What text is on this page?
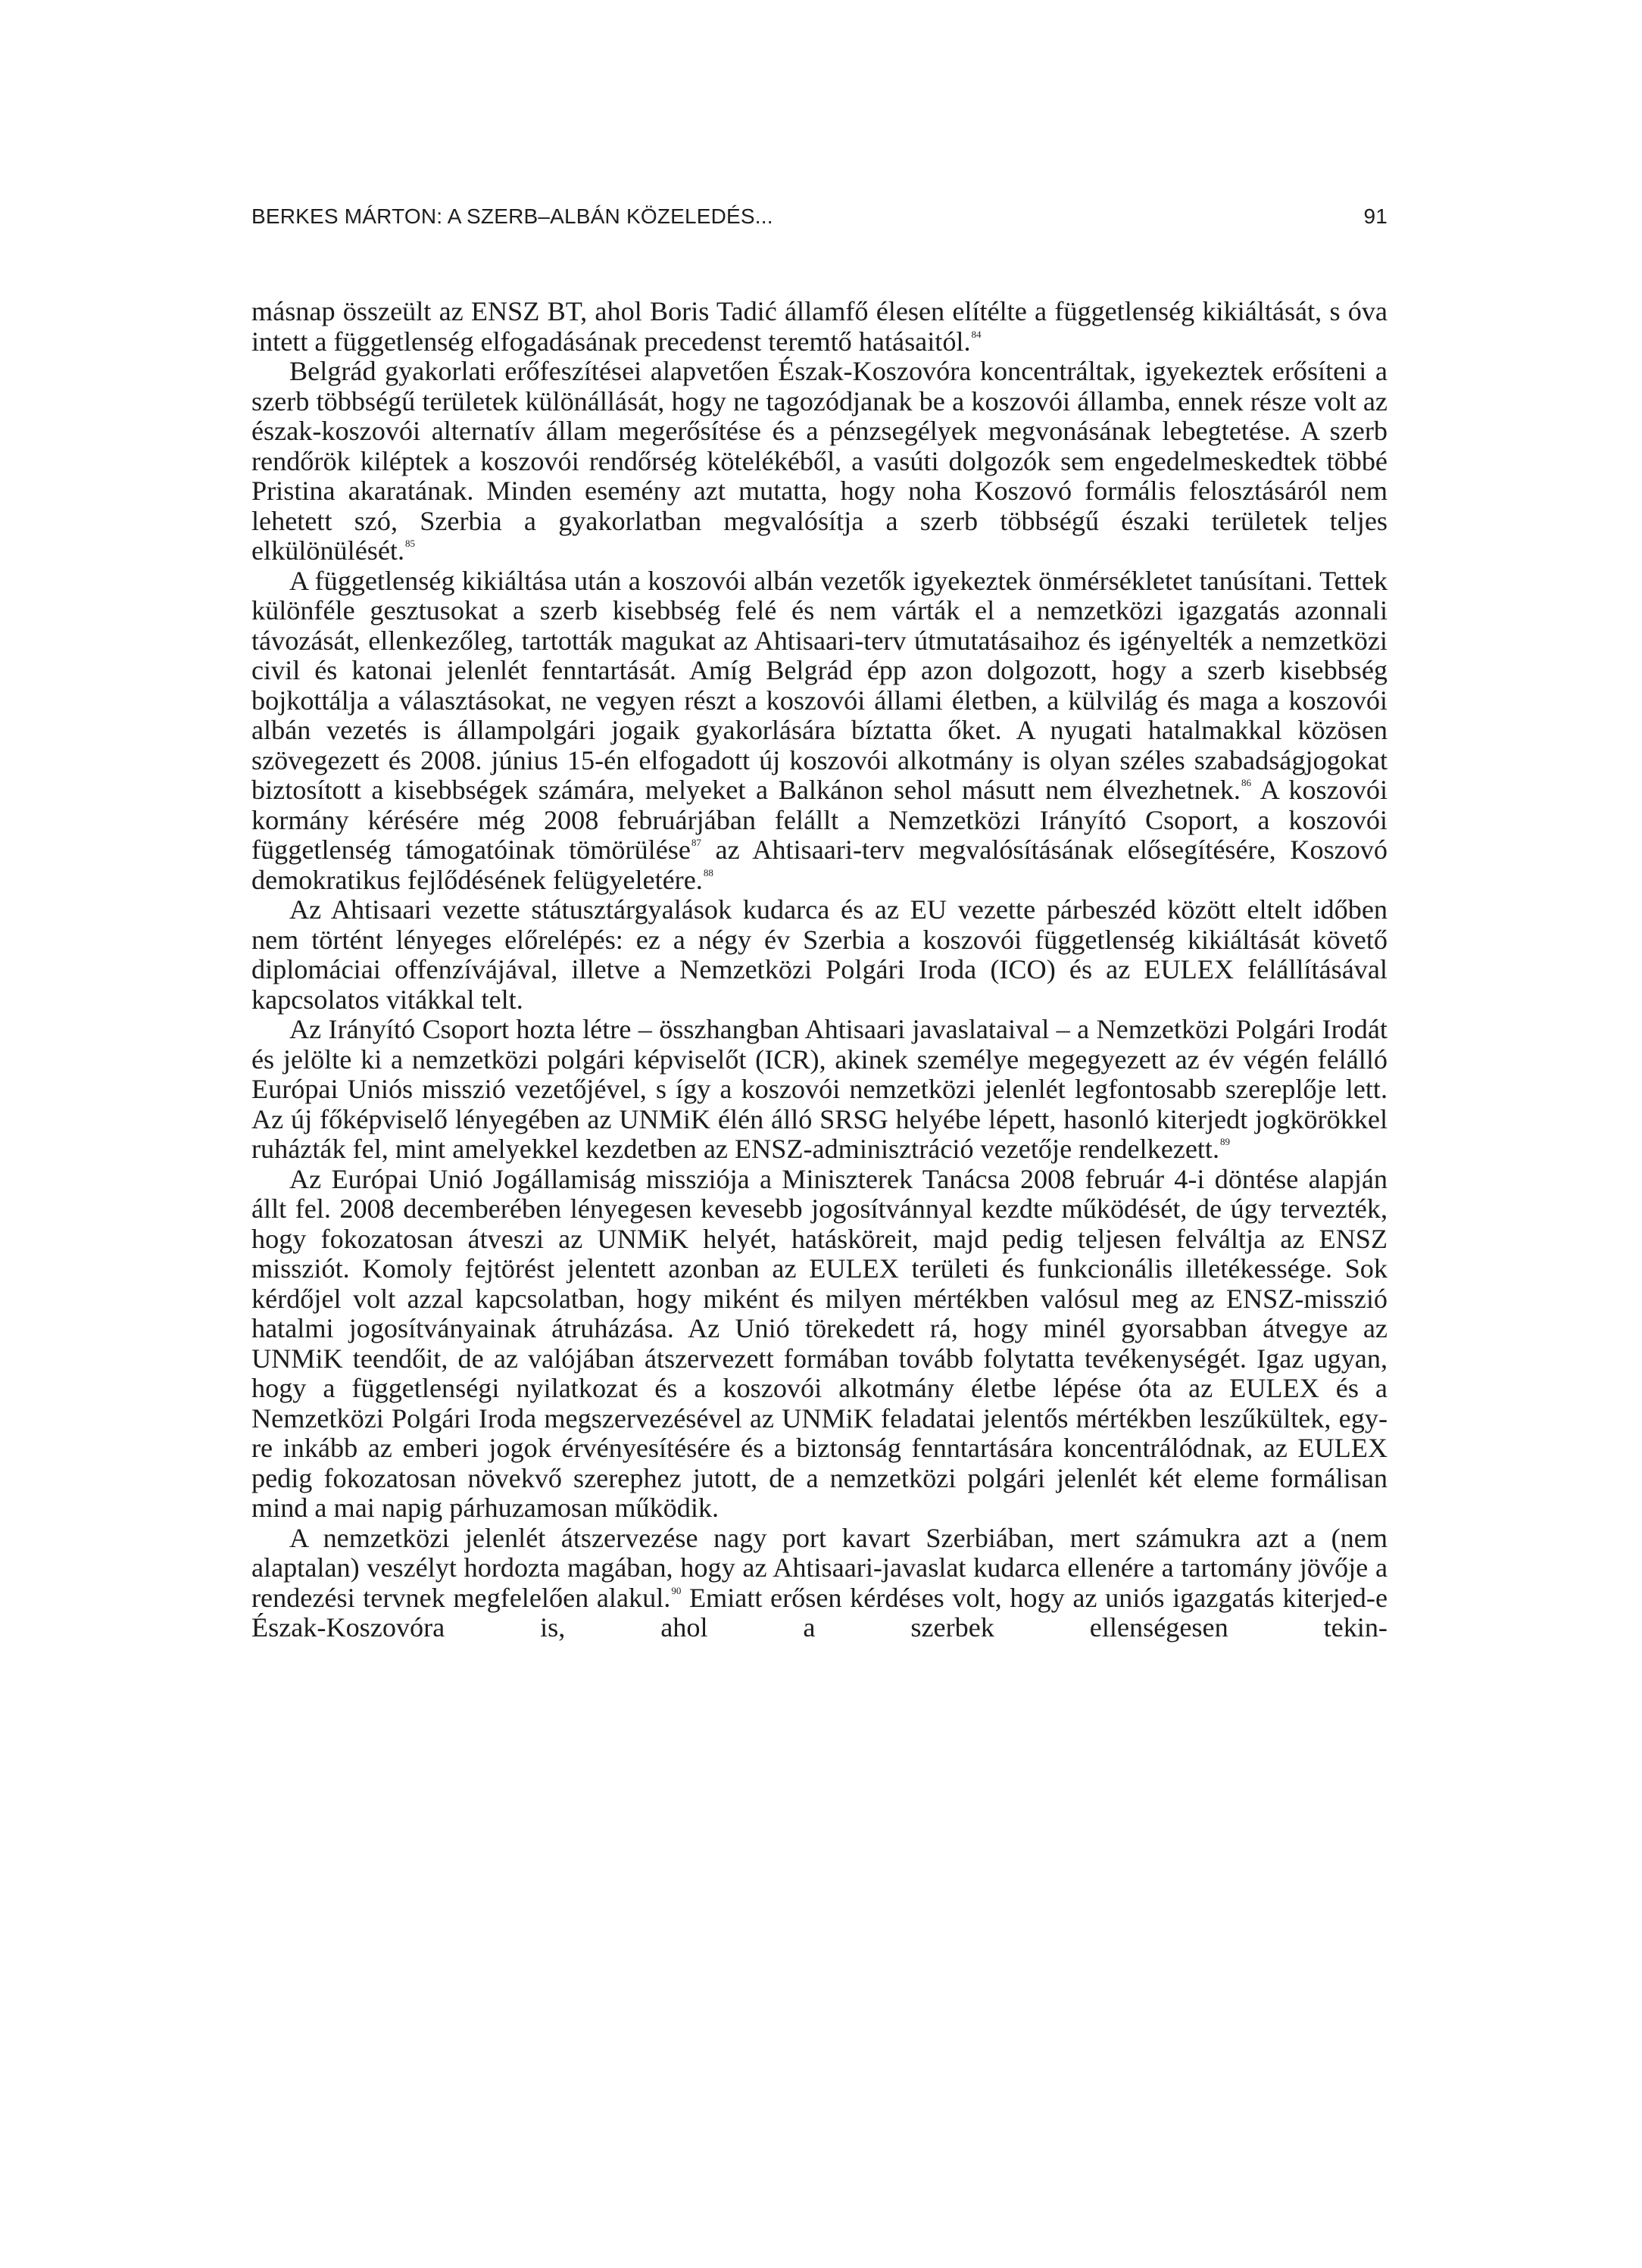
BERKES MÁRTON: A SZERB–ALBÁN KÖZELEDÉS...	91

másnap összeült az ENSZ BT, ahol Boris Tadić államfő élesen elítélte a függetlenség kikiáltását, s óva intett a függetlenség elfogadásának precedenst teremtő hatásaitól.$^{84}$

Belgrád gyakorlati erőfeszítései alapvetően Észak-Koszovóra koncentráltak, igyekeztek erősíteni a szerb többségű területek különállását, hogy ne tagozódjanak be a koszovói államba, ennek része volt az észak-koszovói alternatív állam megerősítése és a pénzsegélyek megvonásának lebegtetése. A szerb rendőrök kiléptek a koszovói rendőrség kötelékéből, a vasúti dolgozók sem engedelmeskedtek többé Pristina akaratának. Minden esemény azt mutatta, hogy noha Koszovó formális felosztásáról nem lehetett szó, Szerbia a gyakorlatban megvalósítja a szerb többségű északi területek teljes elkülönülését.$^{85}$

A függetlenség kikiáltása után a koszovói albán vezetők igyekeztek önmérsékletet tanúsítani. Tettek különféle gesztusokat a szerb kisebbség felé és nem várták el a nemzetközi igazgatás azonnali távozását, ellenkezőleg, tartották magukat az Ahtisaari-terv útmutatásaihoz és igényelték a nemzetközi civil és katonai jelenlét fenntartását. Amíg Belgrád épp azon dolgozott, hogy a szerb kisebbség bojkottálja a választásokat, ne vegyen részt a koszovói állami életben, a külvilág és maga a koszovói albán vezetés is állampolgári jogaik gyakorlására bíztatta őket. A nyugati hatalmakkal közösen szövegezett és 2008. június 15-én elfogadott új koszovói alkotmány is olyan széles szabadságjogokat biztosított a kisebbségek számára, melyeket a Balkánon sehol másutt nem élvezhetnek.$^{86}$ A koszovói kormány kérésére még 2008 februárjában felállt a Nemzetközi Irányító Csoport, a koszovói függetlenség támogatóinak tömörülése$^{87}$ az Ahtisaari-terv megvalósításának elősegítésére, Koszovó demokratikus fejlődésének felügyeletére.$^{88}$

Az Ahtisaari vezette státusztárgyalások kudarca és az EU vezette párbeszéd között eltelt időben nem történt lényeges előrelépés: ez a négy év Szerbia a koszovói függetlenség kikiáltását követő diplomáciai offenzívájával, illetve a Nemzetközi Polgári Iroda (ICO) és az EULEX felállításával kapcsolatos vitákkal telt.

Az Irányító Csoport hozta létre – összhangban Ahtisaari javaslataival – a Nemzetközi Polgári Irodát és jelölte ki a nemzetközi polgári képviselőt (ICR), akinek személye megegyezett az év végén felálló Európai Uniós misszió vezetőjével, s így a koszovói nemzetközi jelenlét legfontosabb szereplője lett. Az új főképviselő lényegében az UNMiK élén álló SRSG helyébe lépett, hasonló kiterjedt jogkörökkel ruházták fel, mint amelyekkel kezdetben az ENSZ-adminisztráció vezetője rendelkezett.$^{89}$

Az Európai Unió Jogállamiság missziója a Miniszterek Tanácsa 2008 február 4-i döntése alapján állt fel. 2008 decemberében lényegesen kevesebb jogosítvánnyal kezdte működését, de úgy tervezték, hogy fokozatosan átveszi az UNMiK helyét, hatásköreit, majd pedig teljesen felváltja az ENSZ missziót. Komoly fejtörést jelentett azonban az EULEX területi és funkcionális illetékessége. Sok kérdőjel volt azzal kapcsolatban, hogy miként és milyen mértékben valósul meg az ENSZ-misszió hatalmi jogosítványainak átruházása. Az Unió törekedett rá, hogy minél gyorsabban átvegye az UNMiK teendőit, de az valójában átszervezett formában tovább folytatta tevékenységét. Igaz ugyan, hogy a függetlenségi nyilatkozat és a koszovói alkotmány életbe lépése óta az EULEX és a Nemzetközi Polgári Iroda megszervezésével az UNMiK feladatai jelentős mértékben leszűkültek, egyre inkább az emberi jogok érvényesítésére és a biztonság fenntartására koncentrálódnak, az EULEX pedig fokozatosan növekvő szerephez jutott, de a nemzetközi polgári jelenlét két eleme formálisan mind a mai napig párhuzamosan működik.

A nemzetközi jelenlét átszervezése nagy port kavart Szerbiában, mert számukra azt a (nem alaptalan) veszélyt hordozta magában, hogy az Ahtisaari-javaslat kudarca ellenére a tartomány jövője a rendezési tervnek megfelelően alakul.$^{90}$ Emiatt erősen kérdéses volt, hogy az uniós igazgatás kiterjed-e Észak-Koszovóra is, ahol a szerbek ellenségesen tekin-
